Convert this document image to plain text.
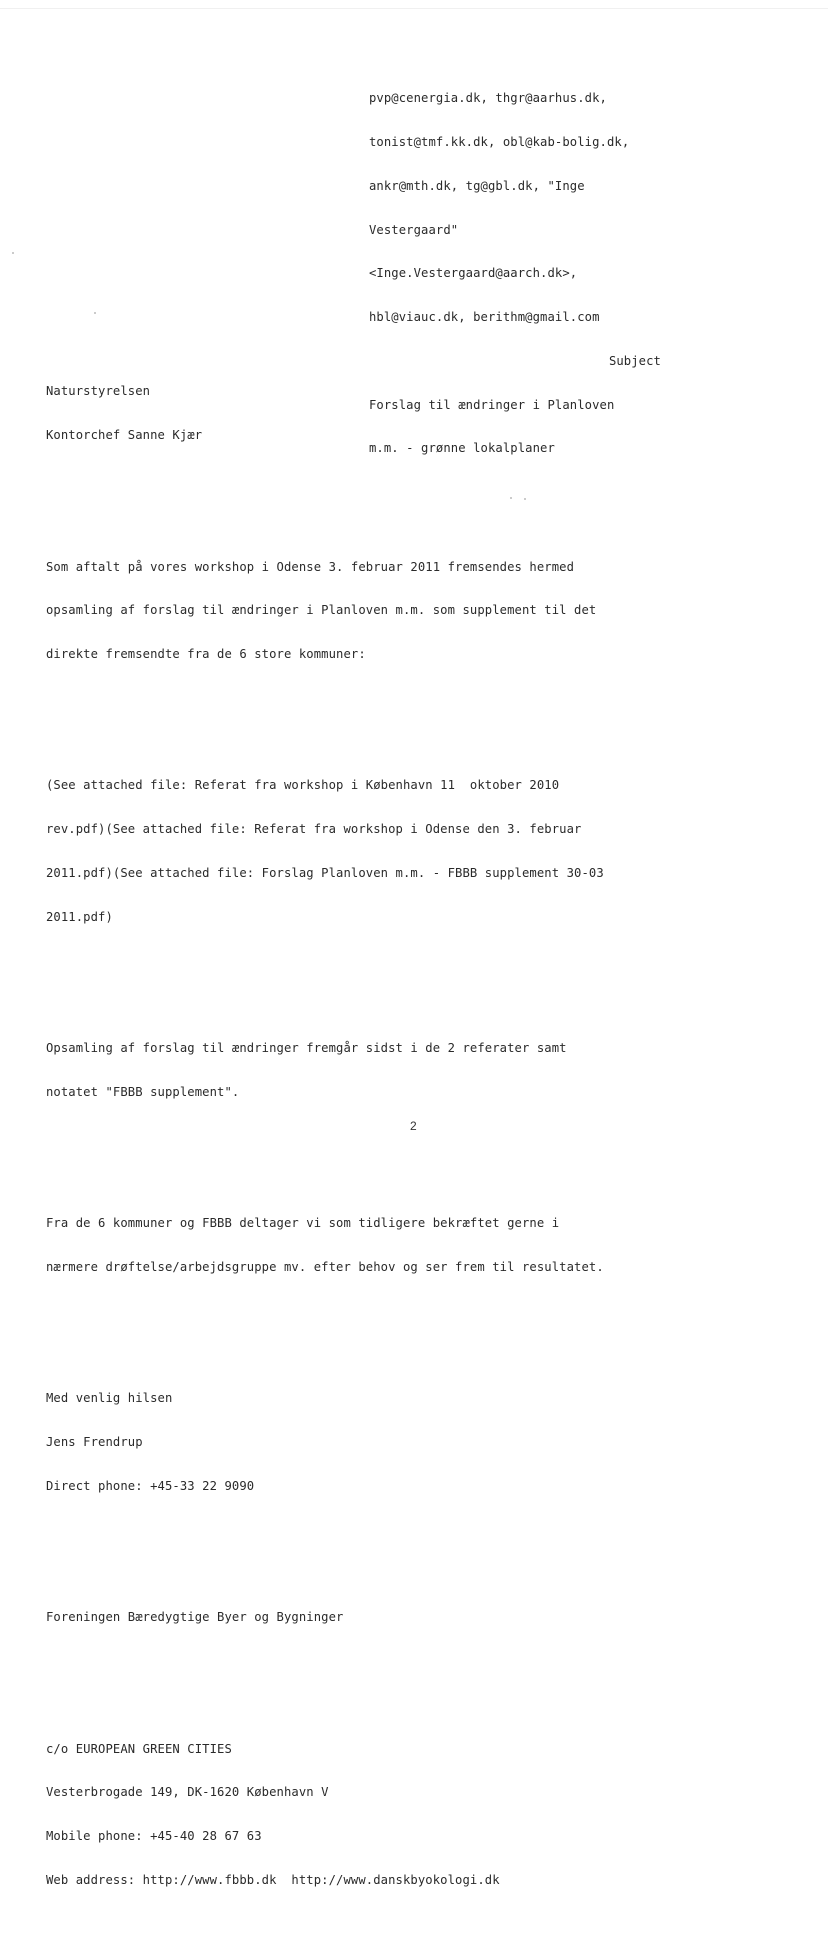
pvp@cenergia.dk, thgr@aarhus.dk,

tonist@tmf.kk.dk, obl@kab-bolig.dk,

ankr@mth.dk, tg@gbl.dk, "Inge

Vestergaard"

<Inge.Vestergaard@aarch.dk>,

hbl@viauc.dk, berithm@gmail.com

Subject

Forslag til ændringer i Planloven

m.m. - grønne lokalplaner

Naturstyrelsen

Kontorchef Sanne Kjær

Som aftalt på vores workshop i Odense 3. februar 2011 fremsendes hermed

opsamling af forslag til ændringer i Planloven m.m. som supplement til det

direkte fremsendte fra de 6 store kommuner:

(See attached file: Referat fra workshop i København 11  oktober 2010

rev.pdf)(See attached file: Referat fra workshop i Odense den 3. februar

2011.pdf)(See attached file: Forslag Planloven m.m. - FBBB supplement 30-03

2011.pdf)

Opsamling af forslag til ændringer fremgår sidst i de 2 referater samt

notatet "FBBB supplement".

Fra de 6 kommuner og FBBB deltager vi som tidligere bekræftet gerne i

nærmere drøftelse/arbejdsgruppe mv. efter behov og ser frem til resultatet.

Med venlig hilsen

Jens Frendrup

Direct phone: +45-33 22 9090

Foreningen Bæredygtige Byer og Bygninger

c/o EUROPEAN GREEN CITIES

Vesterbrogade 149, DK-1620 København V

Mobile phone: +45-40 28 67 63

Web address: http://www.fbbb.dk  http://www.danskbyokologi.dk

2
